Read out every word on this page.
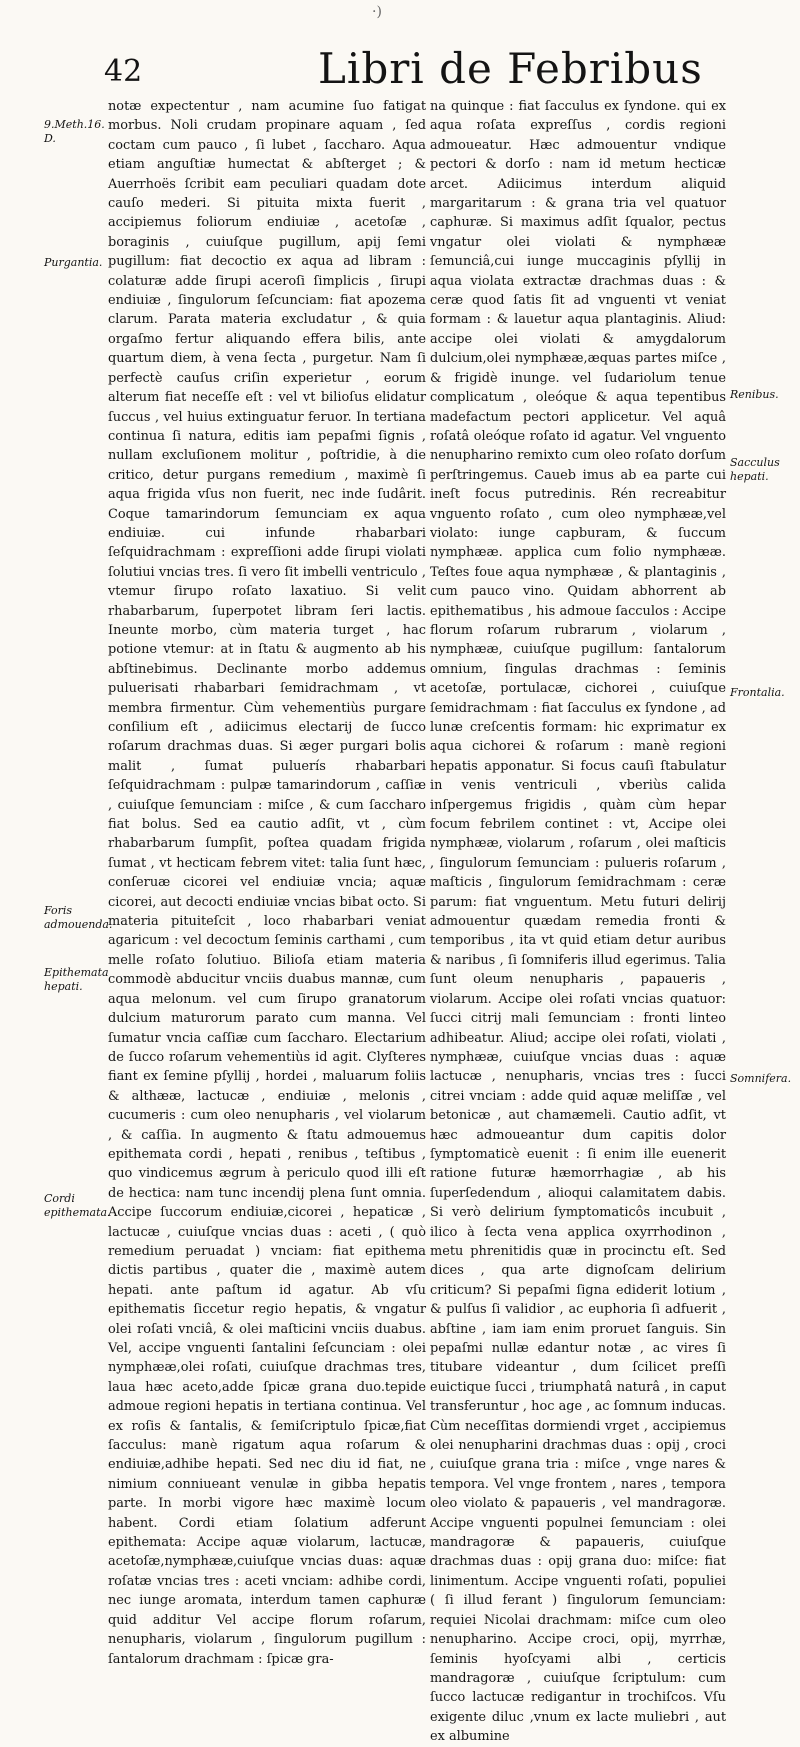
·)
42	Libri de Febribus
notæ expectentur , nam acumine ſuo fatigat morbus. Noli crudam propinare aquam , ſed coctam cum pauco , ſi lubet , ſaccharo. Aqua etiam anguſtiæ humectat & abſterget ; & Auerrhoës ſcribit eam peculiari quadam dote cauſo mederi. Si pituita mixta fuerit , accipiemus foliorum endiuiæ , acetoſæ , boraginis , cuiuſque pugillum, apij ſemi pugillum: fiat decoctio ex aqua ad libram : colaturæ adde ſirupi aceroſi ſimplicis , ſirupi endiuiæ , ſingulorum ſeſcunciam: fiat apozema clarum. Parata materia excludatur , & quia orgaſmo fertur aliquando effera bilis, ante quartum diem, à vena ſecta , purgetur. Nam ſi perfectè cauſus criſin experietur , eorum alterum fiat neceſſe eſt : vel vt bilioſus elidatur ſuccus , vel huius extinguatur feruor. In tertiana continua ſi natura, editis iam pepaſmi ſignis , nullam excluſionem molitur , poſtridie, à die critico, detur purgans remedium , maximè ſi aqua frigida vſus non fuerit, nec inde ſudârit. Coque tamarindorum ſemunciam ex aqua endiuiæ. cui infunde rhabarbari ſeſquidrachmam : expreſſioni adde ſirupi violati ſolutiui vncias tres. ſi vero ſit imbelli ventriculo , vtemur ſirupo roſato laxatiuo. Si velit rhabarbarum, ſuperpotet libram ſeri lactis. Ineunte morbo, cùm materia turget , hac potione vtemur: at in ſtatu & augmento ab his abſtinebimus. Declinante morbo addemus puluerisati rhabarbari ſemidrachmam , vt membra firmentur. Cùm vehementiùs purgare conſilium eſt , adiicimus electarij de ſucco roſarum drachmas duas. Si æger purgari bolis malit , ſumat puluerís rhabarbari ſeſquidrachmam : pulpæ tamarindorum , caſſiæ , cuiuſque ſemunciam : miſce , & cum ſaccharo fiat bolus. Sed ea cautio adſit, vt , cùm rhabarbarum ſumpſit, poſtea quadam frigida ſumat , vt hecticam febrem vitet: talia ſunt hæc, conſeruæ cicorei vel endiuiæ vncia; aquæ cicorei, aut decocti endiuiæ vncias bibat octo. Si materia pituiteſcit , loco rhabarbari veniat agaricum : vel decoctum ſeminis carthami , cum melle roſato ſolutiuo. Bilioſa etiam materia commodè abducitur vnciis duabus mannæ, cum aqua melonum. vel cum ſirupo granatorum dulcium maturorum parato cum manna. Vel ſumatur vncia caſſiæ cum ſaccharo. Electarium de ſucco roſarum vehementiùs id agit. Clyſteres fiant ex ſemine pſyllij , hordei , maluarum foliis & althææ, lactucæ , endiuiæ , melonis , cucumeris : cum oleo nenupharis , vel violarum , & caſſia. In augmento & ſtatu admouemus epithemata cordi , hepati , renibus , teſtibus , quo vindicemus ægrum à periculo quod illi eſt de hectica: nam tunc incendij plena ſunt omnia. Accipe ſuccorum endiuiæ,cicorei , hepaticæ , lactucæ , cuiuſque vncias duas : aceti , ( quò remedium peruadat ) vnciam: fiat epithema dictis partibus , quater die , maximè autem hepati. ante paſtum id agatur. Ab vſu epithematis ſiccetur regio hepatis, & vngatur olei roſati vnciâ, & olei maſticini vnciis duabus. Vel, accipe vnguenti ſantalini ſeſcunciam : olei nymphææ,olei roſati, cuiuſque drachmas tres, laua hæc aceto,adde ſpicæ grana duo.tepide admoue regioni hepatis in tertiana continua. Vel ex roſis & ſantalis, & ſemiſcriptulo ſpicæ,fiat ſacculus: manè rigatum aqua roſarum & endiuiæ,adhibe hepati. Sed nec diu id fiat, ne nimium conniueant venulæ in gibba hepatis parte. In morbi vigore hæc maximè locum habent. Cordi etiam ſolatium adferunt epithemata: Accipe aquæ violarum, lactucæ, acetoſæ,nymphææ,cuiuſque vncias duas: aquæ roſatæ vncias tres : aceti vnciam: adhibe cordi, nec iunge aromata, interdum tamen caphuræ quid additur Vel accipe florum roſarum, nenupharis, violarum , ſingulorum pugillum : ſantalorum drachmam : ſpicæ gra-
na quinque : fiat ſacculus ex ſyndone. qui ex aqua roſata expreſſus , cordis regioni admoueatur. Hæc admouentur vndique pectori & dorſo : nam id metum hecticæ arcet. Adiicimus interdum aliquid margaritarum : & grana tria vel quatuor caphuræ. Si maximus adſit ſqualor, pectus vngatur olei violati & nymphææ ſemunciâ,cui iunge muccaginis pſyllij in aqua violata extractæ drachmas duas : & ceræ quod ſatis ſit ad vnguenti vt veniat formam : & lauetur aqua plantaginis. Aliud: accipe olei violati & amygdalorum dulcium,olei nymphææ,æquas partes miſce , & frigidè inunge. vel ſudariolum tenue complicatum , oleóque & aqua tepentibus madefactum pectori applicetur. Vel aquâ roſatâ oleóque roſato id agatur. Vel vnguento nenupharino remixto cum oleo roſato dorſum perſtringemus. Caueb imus ab ea parte cui ineſt focus putredinis. Rén recreabitur vnguento roſato , cum oleo nymphææ,vel violato: iunge capburam, & ſuccum nymphææ. applica cum folio nymphææ. Teſtes foue aqua nymphææ , & plantaginis , cum pauco vino. Quidam abhorrent ab epithematibus , his admoue ſacculos : Accipe florum roſarum rubrarum , violarum , nymphææ, cuiuſque pugillum: ſantalorum omnium, ſingulas drachmas : ſeminis acetoſæ, portulacæ, cichorei , cuiuſque ſemidrachmam : fiat ſacculus ex ſyndone , ad lunæ creſcentis formam: hic exprimatur ex aqua cichorei & roſarum : manè regioni hepatis apponatur. Si focus cauſi ſtabulatur in venis ventriculi , vberiùs calida inſpergemus frigidis , quàm cùm hepar focum febrilem continet : vt, Accipe olei nymphææ, violarum , roſarum , olei maſticis , ſingulorum ſemunciam : pulueris roſarum , maſticis , ſingulorum ſemidrachmam : ceræ parum: fiat vnguentum. Metu futuri delirij admouentur quædam remedia fronti & temporibus , ita vt quid etiam detur auribus & naribus , ſi ſomniferis illud egerimus. Talia ſunt oleum nenupharis , papaueris , violarum. Accipe olei roſati vncias quatuor: ſucci citrij mali ſemunciam : fronti linteo adhibeatur. Aliud; accipe olei roſati, violati , nymphææ, cuiuſque vncias duas : aquæ lactucæ , nenupharis, vncias tres : ſucci citrei vnciam : adde quid aquæ meliſſæ , vel betonicæ , aut chamæmeli. Cautio adſit, vt hæc admoueantur dum capitis dolor ſymptomaticè euenit : ſi enim ille euenerit ratione futuræ hæmorrhagiæ , ab his ſuperſedendum , alioqui calamitatem dabis. Si verò delirium ſymptomaticôs incubuit , ilico à ſecta vena applica oxyrrhodinon , metu phrenitidis quæ in procinctu eſt. Sed dices , qua arte dignoſcam delirium criticum? Si pepaſmi ſigna ediderit lotium , & pulſus ſi validior , ac euphoria ſi adfuerit , abſtine , iam iam enim proruet ſanguis. Sin pepaſmi nullæ edantur notæ , ac vires ſi titubare videantur , dum ſcilicet preſſi euictique ſucci , triumphatâ naturâ , in caput transferuntur , hoc age , ac ſomnum inducas. Cùm neceſſitas dormiendi vrget , accipiemus olei nenupharini drachmas duas : opij , croci , cuiuſque grana tria : miſce , vnge nares & tempora. Vel vnge frontem , nares , tempora oleo violato & papaueris , vel mandragoræ. Accipe vnguenti populnei ſemunciam : olei mandragoræ & papaueris, cuiuſque drachmas duas : opij grana duo: miſce: fiat linimentum. Accipe vnguenti roſati, populiei ( ſi illud ferant ) ſingulorum ſemunciam: requiei Nicolai drachmam: miſce cum oleo nenupharino. Accipe croci, opij, myrrhæ, ſeminis hyoſcyami albi , certicis mandragoræ , cuiuſque ſcriptulum: cum ſucco lactucæ redigantur in trochiſcos. Vſu exigente diluc ,vnum ex lacte muliebri , aut ex albumine
9.Meth.16.
D.
Purgantia.
Foris admouenda.
Epithemata hepati.
Cordi epithemata.
Renibus.
Sacculus hepati.
Frontalia.
Somnifera.
